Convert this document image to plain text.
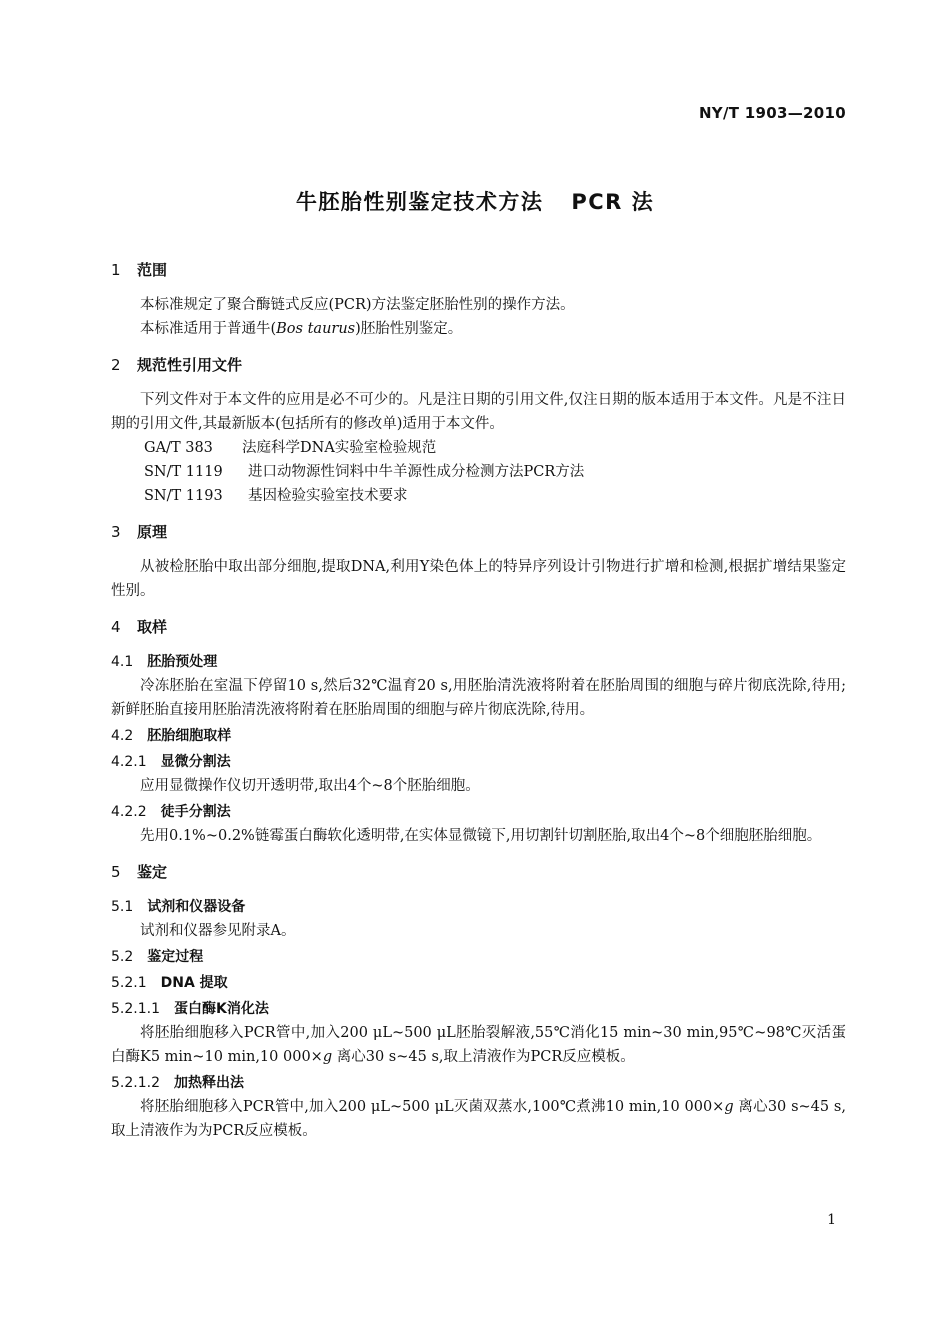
NY/T 1903—2010
牛胚胎性别鉴定技术方法 PCR 法
1 范围

本标准规定了聚合酶链式反应(PCR)方法鉴定胚胎性别的操作方法。

本标准适用于普通牛(Bos taurus)胚胎性别鉴定。

2 规范性引用文件

下列文件对于本文件的应用是必不可少的。凡是注日期的引用文件,仅注日期的版本适用于本文件。凡是不注日期的引用文件,其最新版本(包括所有的修改单)适用于本文件。

GA/T 383 法庭科学DNA实验室检验规范

SN/T 1119 进口动物源性饲料中牛羊源性成分检测方法PCR方法

SN/T 1193 基因检验实验室技术要求

3 原理

从被检胚胎中取出部分细胞,提取DNA,利用Y染色体上的特异序列设计引物进行扩增和检测,根据扩增结果鉴定性别。

4 取样
4.1 胚胎预处理

冷冻胚胎在室温下停留10 s,然后32℃温育20 s,用胚胎清洗液将附着在胚胎周围的细胞与碎片彻底洗除,待用;新鲜胚胎直接用胚胎清洗液将附着在胚胎周围的细胞与碎片彻底洗除,待用。

4.2 胚胎细胞取样
4.2.1 显微分割法

应用显微操作仪切开透明带,取出4个~8个胚胎细胞。

4.2.2 徒手分割法

先用0.1%~0.2%链霉蛋白酶软化透明带,在实体显微镜下,用切割针切割胚胎,取出4个~8个细胞胚胎细胞。

5 鉴定
5.1 试剂和仪器设备

试剂和仪器参见附录A。

5.2 鉴定过程
5.2.1 DNA 提取
5.2.1.1 蛋白酶K消化法

将胚胎细胞移入PCR管中,加入200 μL~500 μL胚胎裂解液,55℃消化15 min~30 min,95℃~98℃灭活蛋白酶K5 min~10 min,10 000×g 离心30 s~45 s,取上清液作为PCR反应模板。

5.2.1.2 加热释出法

将胚胎细胞移入PCR管中,加入200 μL~500 μL灭菌双蒸水,100℃煮沸10 min,10 000×g 离心30 s~45 s,取上清液作为为PCR反应模板。

1
